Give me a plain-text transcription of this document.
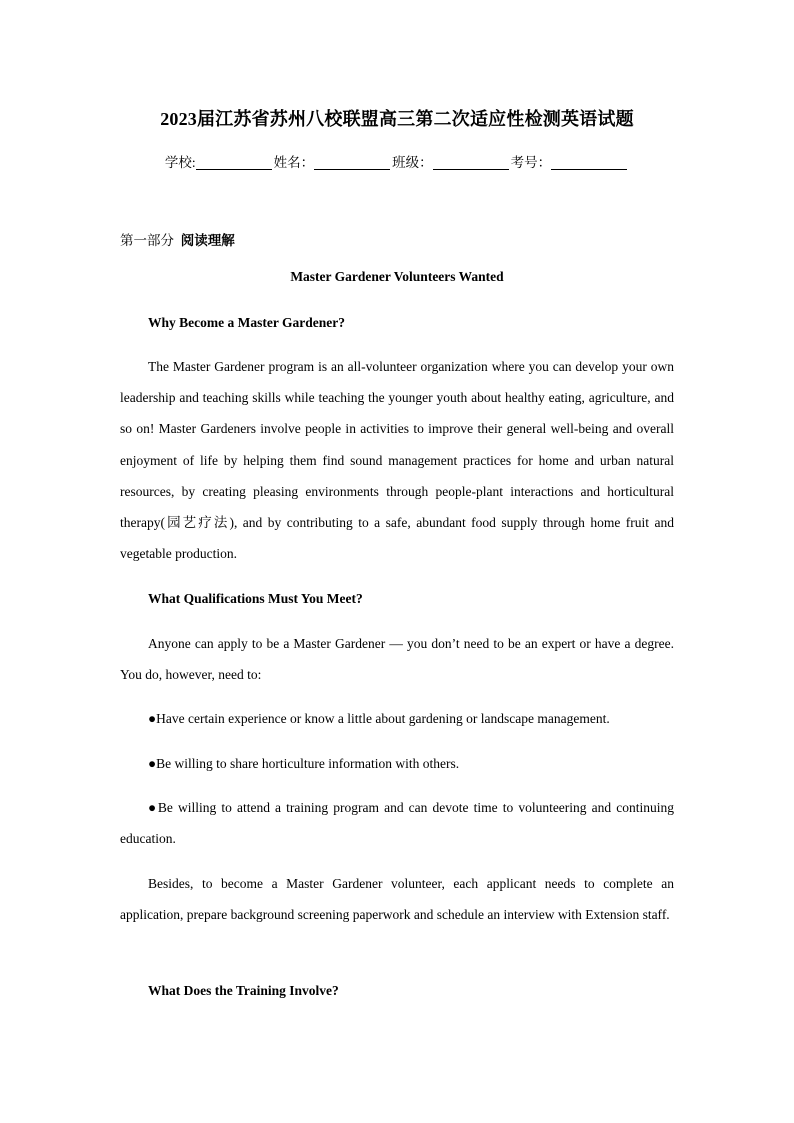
2023届江苏省苏州八校联盟高三第二次适应性检测英语试题
学校:	姓名：	班级：	考号：
第一部分 阅读理解
Master Gardener Volunteers Wanted
Why Become a Master Gardener?

The Master Gardener program is an all-volunteer organization where you can develop your own leadership and teaching skills while teaching the younger youth about healthy eating, agriculture, and so on! Master Gardeners involve people in activities to improve their general well-being and overall enjoyment of life by helping them find sound management practices for home and urban natural resources, by creating pleasing environments through people-plant interactions and horticultural therapy(园艺疗法), and by contributing to a safe, abundant food supply through home fruit and vegetable production.

What Qualifications Must You Meet?

Anyone can apply to be a Master Gardener — you don’t need to be an expert or have a degree. You do, however, need to:

●Have certain experience or know a little about gardening or landscape management.

●Be willing to share horticulture information with others.

●Be willing to attend a training program and can devote time to volunteering and continuing education.

Besides, to become a Master Gardener volunteer, each applicant needs to complete an application, prepare background screening paperwork and schedule an interview with Extension staff.

What Does the Training Involve?
